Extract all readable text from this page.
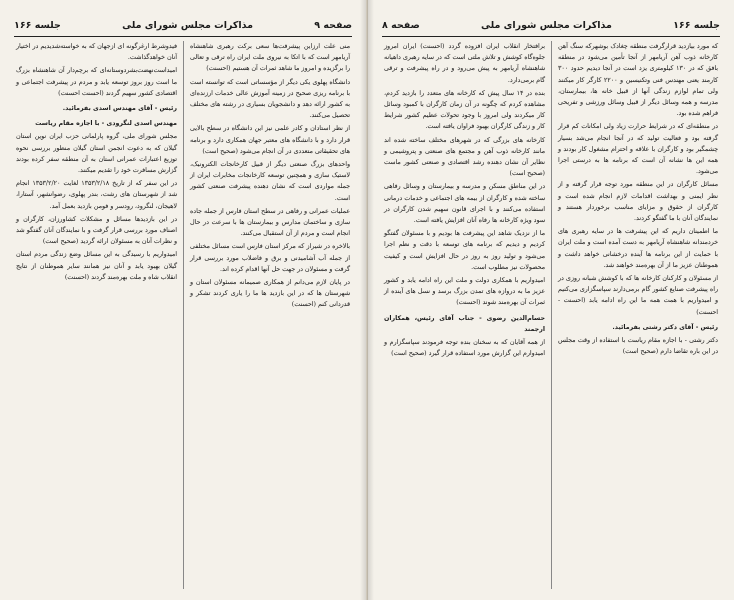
صفحه ۸	مذاکرات مجلس شورای ملی	جلسه ۱۶۶

که مورد بیازدید قرارگرفت منطقه چغادک بوشهرکه سنگ آهن کارخانه ذوب آهن آریامهر از آنجا تأمین می‌شود در منطقه بافق که در ۱۳۰ کیلومتری یزد است در آنجا دیدیم حدود ۳۰۰ کارمند یعنی مهندس فنی وتکنیسین و ۲۲۰۰ کارگر کار میکنند ولی تمام لوازم زندگی آنها از قبیل خانه ها، بیمارستان، مدرسه و همه وسائل دیگر از قبیل وسائل ورزشی و تفریحی فراهم شده بود.

در منطقه‌ای که در شرایط حرارت زیاد ولی امکانات کم قرار گرفته بود و فعالیت تولید که در آنجا انجام می‌شد بسیار چشمگیر بود و کارگران با علاقه و احترام مشغول کار بودند و همه این ها نشانه آن است که برنامه ها به درستی اجرا می‌شود.

مسائل کارگران در این منطقه مورد توجه قرار گرفته و از نظر ایمنی و بهداشت اقدامات لازم انجام شده است و کارگران از حقوق و مزایای مناسب برخوردار هستند و نمایندگان آنان با ما گفتگو کردند.

ما اطمینان داریم که این پیشرفت ها در سایه رهبری های خردمندانه شاهنشاه آریامهر به دست آمده است و ملت ایران با حمایت از این برنامه ها آینده درخشانی خواهد داشت و هموطنان عزیز ما از آن بهره‌مند خواهند شد.

از مسئولان و کارکنان کارخانه ها که با کوشش شبانه روزی در راه پیشرفت صنایع کشور گام برمی‌دارند سپاسگزاری می‌کنیم و امیدواریم با همت همه ما این راه ادامه یابد (احسنت - احسنت)

رئیس - آقای دکتر رشتی بفرمائید.

دکتر رشتی - با اجازه مقام ریاست با استفاده از وقت مجلس در این باره تقاضا دارم (صحیح است)

برافتخار انقلاب ایران افزوده گردد (احسنت) ایران امروز جلوه‌گاه کوشش و تلاش ملتی است که در سایه رهبری داهیانه شاهنشاه آریامهر به پیش می‌رود و در راه پیشرفت و ترقی گام برمی‌دارد.

بنده در ۱۴ سال پیش که کارخانه های متعدد را بازدید کردم، مشاهده کردم که چگونه در آن زمان کارگران با کمبود وسائل کار میکردند ولی امروز با وجود تحولات عظیم کشور شرایط کار و زندگی کارگران بهبود فراوان یافته است.

کارخانه های بزرگی که در شهرهای مختلف ساخته شده اند مانند کارخانه ذوب آهن و مجتمع های صنعتی و پتروشیمی و نظایر آن نشان دهنده رشد اقتصادی و صنعتی کشور ماست (صحیح است)

در این مناطق مسکن و مدرسه و بیمارستان و وسائل رفاهی ساخته شده و کارگران از بیمه های اجتماعی و خدمات درمانی استفاده می‌کنند و با اجرای قانون سهیم شدن کارگران در سود ویژه کارخانه ها رفاه آنان افزایش یافته است.

ما از نزدیک شاهد این پیشرفت ها بودیم و با مسئولان گفتگو کردیم و دیدیم که برنامه های توسعه با دقت و نظم اجرا می‌شود و تولید روز به روز در حال افزایش است و کیفیت محصولات نیز مطلوب است.

امیدواریم با همکاری دولت و ملت این راه ادامه یابد و کشور عزیز ما به دروازه های تمدن بزرگ برسد و نسل های آینده از ثمرات آن بهره‌مند شوند (احسنت)

حسام‌الدین رضوی - جناب آقای رئیس، همکاران ارجمند

از همه آقایان که به سخنان بنده توجه فرمودند سپاسگزارم و امیدوارم این گزارش مورد استفاده قرار گیرد (صحیح است)

جلسه ۱۶۶	مذاکرات مجلس شورای ملی	صفحه ۹

منی علت ارزاین پیشرفت‌ها سعی برکت رهبری شاهنشاه آریامهر است که با اتکا به نیروی ملت ایران راه ترقی و تعالی را برگزیده و امروز ما شاهد ثمرات آن هستیم (احسنت)

دانشگاه پهلوی یکی دیگر از مؤسساتی است که توانسته است با برنامه ریزی صحیح در زمینه آموزش عالی خدمات ارزنده‌ای به کشور ارائه دهد و دانشجویان بسیاری در رشته های مختلف تحصیل می‌کنند.

از نظر استادان و کادر علمی نیز این دانشگاه در سطح بالایی قرار دارد و با دانشگاه های معتبر جهان همکاری دارد و برنامه های تحقیقاتی متعددی در آن انجام می‌شود (صحیح است)

واحدهای بزرگ صنعتی دیگر از قبیل کارخانجات الکترونیک، لاستیک سازی و همچنین توسعه کارخانجات مخابرات ایران از جمله مواردی است که نشان دهنده پیشرفت صنعتی کشور است.

عملیات عمرانی و رفاهی در سطح استان فارس از جمله جاده سازی و ساختمان مدارس و بیمارستان ها با سرعت در حال انجام است و مردم از آن استقبال می‌کنند.

بالاخره در شیراز که مرکز استان فارس است مسائل مختلفی از جمله آب آشامیدنی و برق و فاضلاب مورد بررسی قرار گرفت و مسئولان در جهت حل آنها اقدام کرده اند.

در پایان لازم می‌دانم از همکاری صمیمانه مسئولان استان و شهرستان ها که در این بازدید ها ما را یاری کردند تشکر و قدردانی کنم (احسنت)

فیدوشرط ارغرگونه ای ازجهان که به خواسته‌شدیدیم در اختیار آنان خواهدگذاشت.

امیداست‌نهضت‌بشردوستانه‌ای که برچم‌دار آن شاهنشاه بزرگ ما است روز بروز توسعه یابد و مردم در پیشرفت اجتماعی و اقتصادی کشور سهیم گردند (احسنت احسنت)

رئیس - آقای مهندس اسدی بفرمائید.

مهندس اسدی لنگرودی - با اجازه مقام ریاست

مجلس شورای ملی، گروه پارلمانی حزب ایران نوین استان گیلان که به دعوت انجمن استان گیلان منظور بررسی نحوه توزیع اعتبارات عمرانی استان به آن منطقه سفر کرده بودند گزارش مسافرت خود را تقدیم میکنند.

در این سفر که از تاریخ ۱۳۵۳/۲/۱۸ لغایت ۱۳۵۳/۲/۲۰ انجام شد از شهرستان های رشت، بندر پهلوی، رضوانشهر، آستارا، لاهیجان، لنگرود، رودسر و فومن بازدید بعمل آمد.

در این بازدیدها مسائل و مشکلات کشاورزان، کارگران و اصناف مورد بررسی قرار گرفت و با نمایندگان آنان گفتگو شد و نظرات آنان به مسئولان ارائه گردید (صحیح است)

امیدواریم با رسیدگی به این مسائل وضع زندگی مردم استان گیلان بهبود یابد و آنان نیز همانند سایر هموطنان از نتایج انقلاب شاه و ملت بهره‌مند گردند (احسنت)
